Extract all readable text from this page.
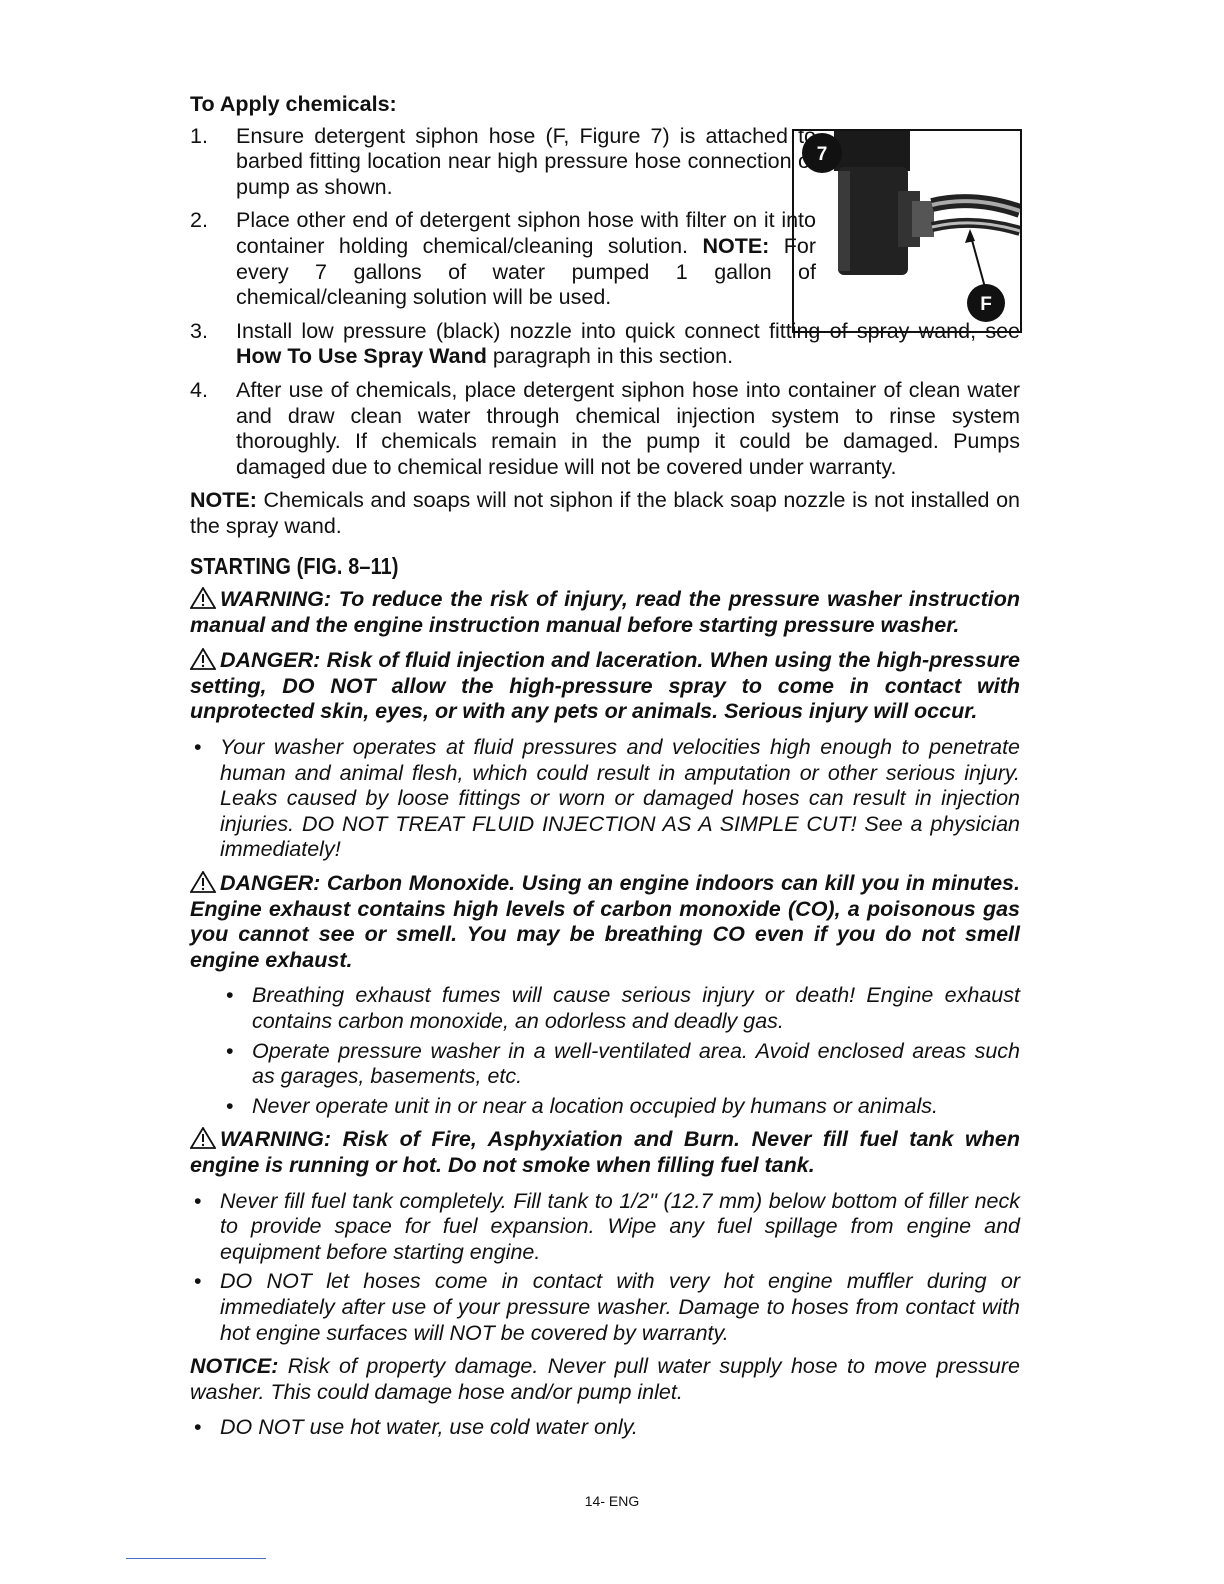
To Apply chemicals:
7
F
1. Ensure detergent siphon hose (F, Figure 7) is attached to barbed fitting location near high pressure hose connection of pump as shown.
2. Place other end of detergent siphon hose with filter on it into container holding chemical/cleaning solution. NOTE: For every 7 gallons of water pumped 1 gallon of chemical/cleaning solution will be used.
3. Install low pressure (black) nozzle into quick connect fitting of spray wand, see How To Use Spray Wand paragraph in this section.
4. After use of chemicals, place detergent siphon hose into container of clean water and draw clean water through chemical injection system to rinse system thoroughly. If chemicals remain in the pump it could be damaged. Pumps damaged due to chemical residue will not be covered under warranty.
NOTE: Chemicals and soaps will not siphon if the black soap nozzle is not installed on the spray wand.
STARTING (FIG. 8–11)
WARNING: To reduce the risk of injury, read the pressure washer instruction manual and the engine instruction manual before starting pressure washer.
DANGER: Risk of fluid injection and laceration. When using the high-pressure setting, DO NOT allow the high-pressure spray to come in contact with unprotected skin, eyes, or with any pets or animals. Serious injury will occur.
• Your washer operates at fluid pressures and velocities high enough to penetrate human and animal flesh, which could result in amputation or other serious injury. Leaks caused by loose fittings or worn or damaged hoses can result in injection injuries. DO NOT TREAT FLUID INJECTION AS A SIMPLE CUT! See a physician immediately!
DANGER: Carbon Monoxide. Using an engine indoors can kill you in minutes. Engine exhaust contains high levels of carbon monoxide (CO), a poisonous gas you cannot see or smell. You may be breathing CO even if you do not smell engine exhaust.
• Breathing exhaust fumes will cause serious injury or death! Engine exhaust contains carbon monoxide, an odorless and deadly gas.
• Operate pressure washer in a well-ventilated area. Avoid enclosed areas such as garages, basements, etc.
• Never operate unit in or near a location occupied by humans or animals.
WARNING: Risk of Fire, Asphyxiation and Burn. Never fill fuel tank when engine is running or hot. Do not smoke when filling fuel tank.
• Never fill fuel tank completely. Fill tank to 1/2" (12.7 mm) below bottom of filler neck to provide space for fuel expansion. Wipe any fuel spillage from engine and equipment before starting engine.
• DO NOT let hoses come in contact with very hot engine muffler during or immediately after use of your pressure washer. Damage to hoses from contact with hot engine surfaces will NOT be covered by warranty.
NOTICE: Risk of property damage. Never pull water supply hose to move pressure washer. This could damage hose and/or pump inlet.
• DO NOT use hot water, use cold water only.
14- ENG
